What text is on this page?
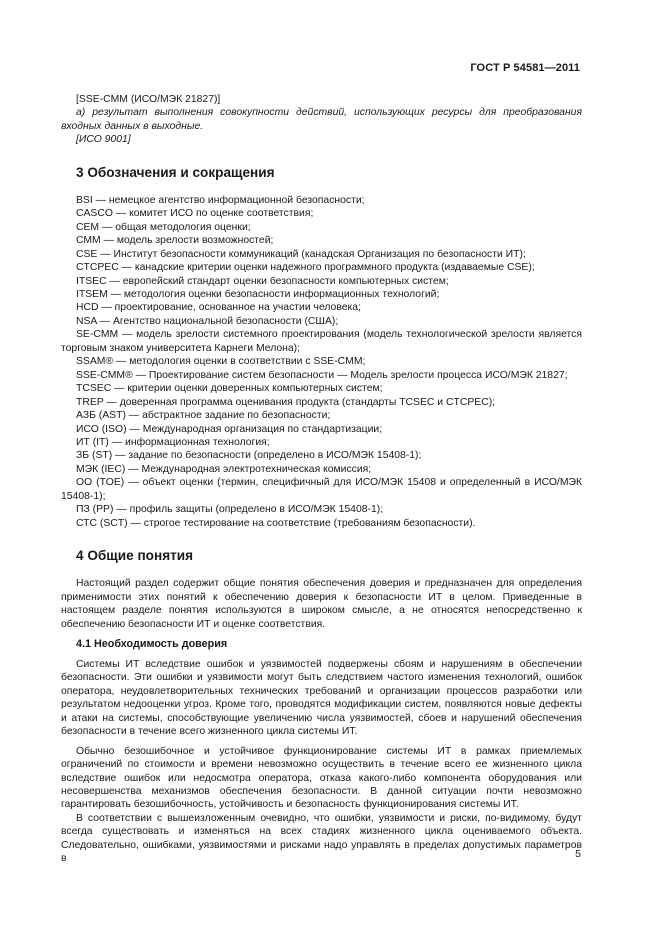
ГОСТ Р 54581—2011

[SSE-CMM (ИСО/МЭК 21827)]

а) результат выполнения совокупности действий, использующих ресурсы для преобразования входных данных в выходные.

[ИСО 9001]

3 Обозначения и сокращения

BSI — немецкое агентство информационной безопасности;

CASCO — комитет ИСО по оценке соответствия;

СЕМ — общая методология оценки;

СММ — модель зрелости возможностей;

CSE — Институт безопасности коммуникаций (канадская Организация по безопасности ИТ);

CTCPEC — канадские критерии оценки надежного программного продукта (издаваемые CSE);

ITSEC — европейский стандарт оценки безопасности компьютерных систем;

ITSEM — методология оценки безопасности информационных технологий;

HCD — проектирование, основанное на участии человека;

NSA — Агентство национальной безопасности (США);

SE-CMM — модель зрелости системного проектирования (модель технологической зрелости является торговым знаком университета Карнеги Мелона);

SSAM® — методология оценки в соответствии с SSE-CMM;

SSE-CMM® — Проектирование систем безопасности — Модель зрелости процесса ИСО/МЭК 21827;

TCSEC — критерии оценки доверенных компьютерных систем;

TREP — доверенная программа оценивания продукта (стандарты TCSEC и CTCPEC);

АЗБ (AST) — абстрактное задание по безопасности;

ИСО (ISO) — Международная организация по стандартизации;

ИТ (IT) — информационная технология;

ЗБ (ST) — задание по безопасности (определено в ИСО/МЭК 15408-1);

МЭК (IEC) — Международная электротехническая комиссия;

ОО (TOE) — объект оценки (термин, специфичный для ИСО/МЭК 15408 и определенный в ИСО/МЭК 15408-1);

ПЗ (PP) — профиль защиты (определено в ИСО/МЭК 15408-1);

СТС (SCT) — строгое тестирование на соответствие (требованиям безопасности).

4 Общие понятия

Настоящий раздел содержит общие понятия обеспечения доверия и предназначен для определения применимости этих понятий к обеспечению доверия к безопасности ИТ в целом. Приведенные в настоящем разделе понятия используются в широком смысле, а не относятся непосредственно к обеспечению безопасности ИТ и оценке соответствия.

4.1 Необходимость доверия

Системы ИТ вследствие ошибок и уязвимостей подвержены сбоям и нарушениям в обеспечении безопасности. Эти ошибки и уязвимости могут быть следствием частого изменения технологий, ошибок оператора, неудовлетворительных технических требований и организации процессов разработки или результатом недооценки угроз. Кроме того, проводятся модификации систем, появляются новые дефекты и атаки на системы, способствующие увеличению числа уязвимостей, сбоев и нарушений обеспечения безопасности в течение всего жизненного цикла системы ИТ.

Обычно безошибочное и устойчивое функционирование системы ИТ в рамках приемлемых ограничений по стоимости и времени невозможно осуществить в течение всего ее жизненного цикла вследствие ошибок или недосмотра оператора, отказа какого-либо компонента оборудования или несовершенства механизмов обеспечения безопасности. В данной ситуации почти невозможно гарантировать безошибочность, устойчивость и безопасность функционирования системы ИТ.

В соответствии с вышеизложенным очевидно, что ошибки, уязвимости и риски, по-видимому, будут всегда существовать и изменяться на всех стадиях жизненного цикла оцениваемого объекта. Следовательно, ошибками, уязвимостями и рисками надо управлять в пределах допустимых параметров в	5
